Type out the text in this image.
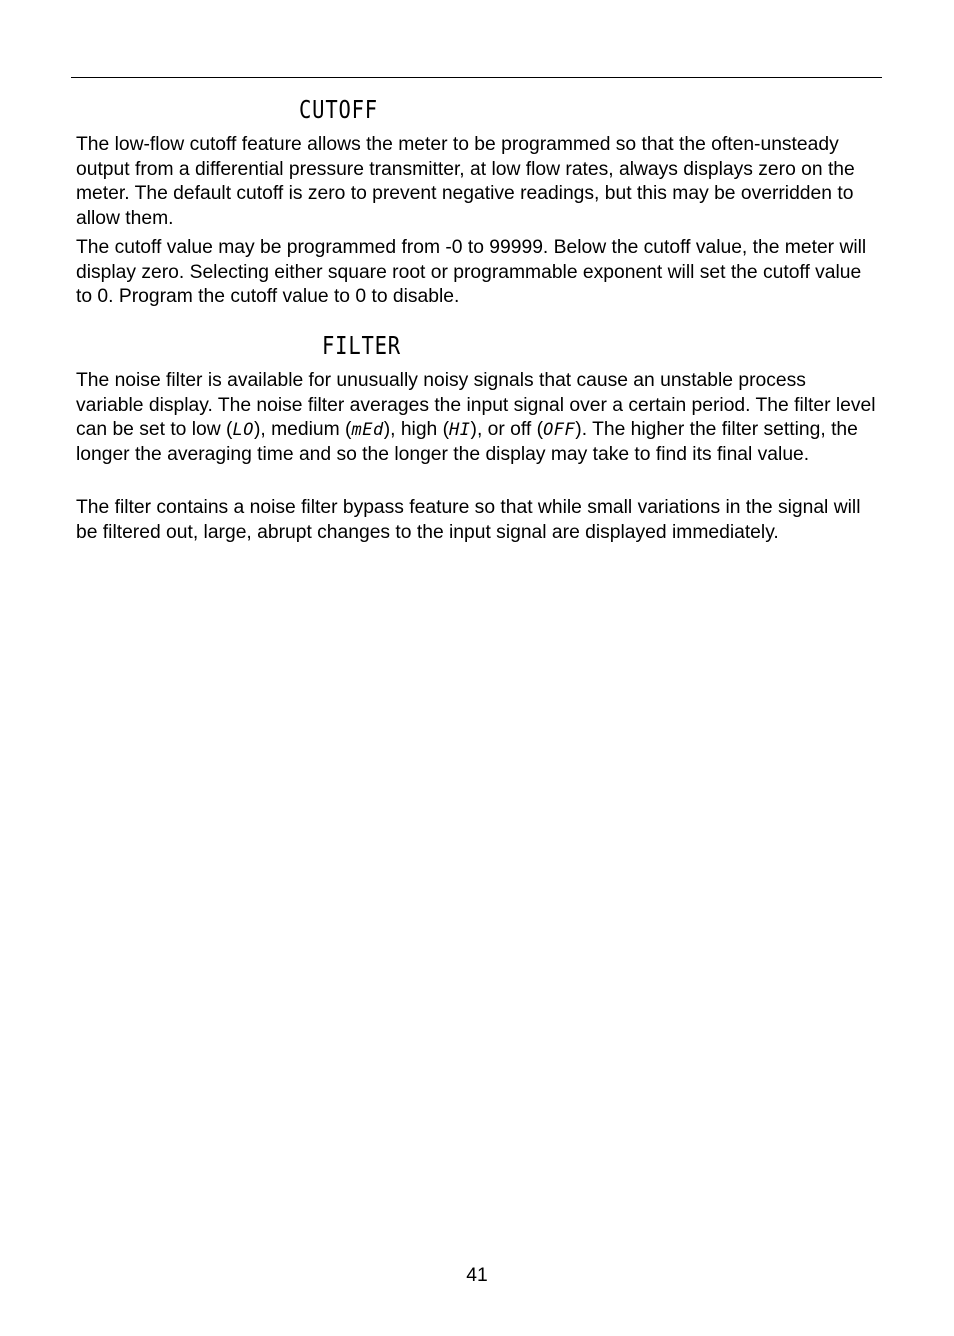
CUTOFF

The low-flow cutoff feature allows the meter to be programmed so that the often-unsteady output from a differential pressure transmitter, at low flow rates, always displays zero on the meter. The default cutoff is zero to prevent negative readings, but this may be overridden to allow them.

The cutoff value may be programmed from -0 to 99999. Below the cutoff value, the meter will display zero. Selecting either square root or programmable exponent will set the cutoff value to 0. Program the cutoff value to 0 to disable.

FILTER

The noise filter is available for unusually noisy signals that cause an unstable process variable display. The noise filter averages the input signal over a certain period. The filter level can be set to low (LO), medium (mEd), high (HI), or off (OFF). The higher the filter setting, the longer the averaging time and so the longer the display may take to find its final value.

The filter contains a noise filter bypass feature so that while small variations in the signal will be filtered out, large, abrupt changes to the input signal are displayed immediately.

41
